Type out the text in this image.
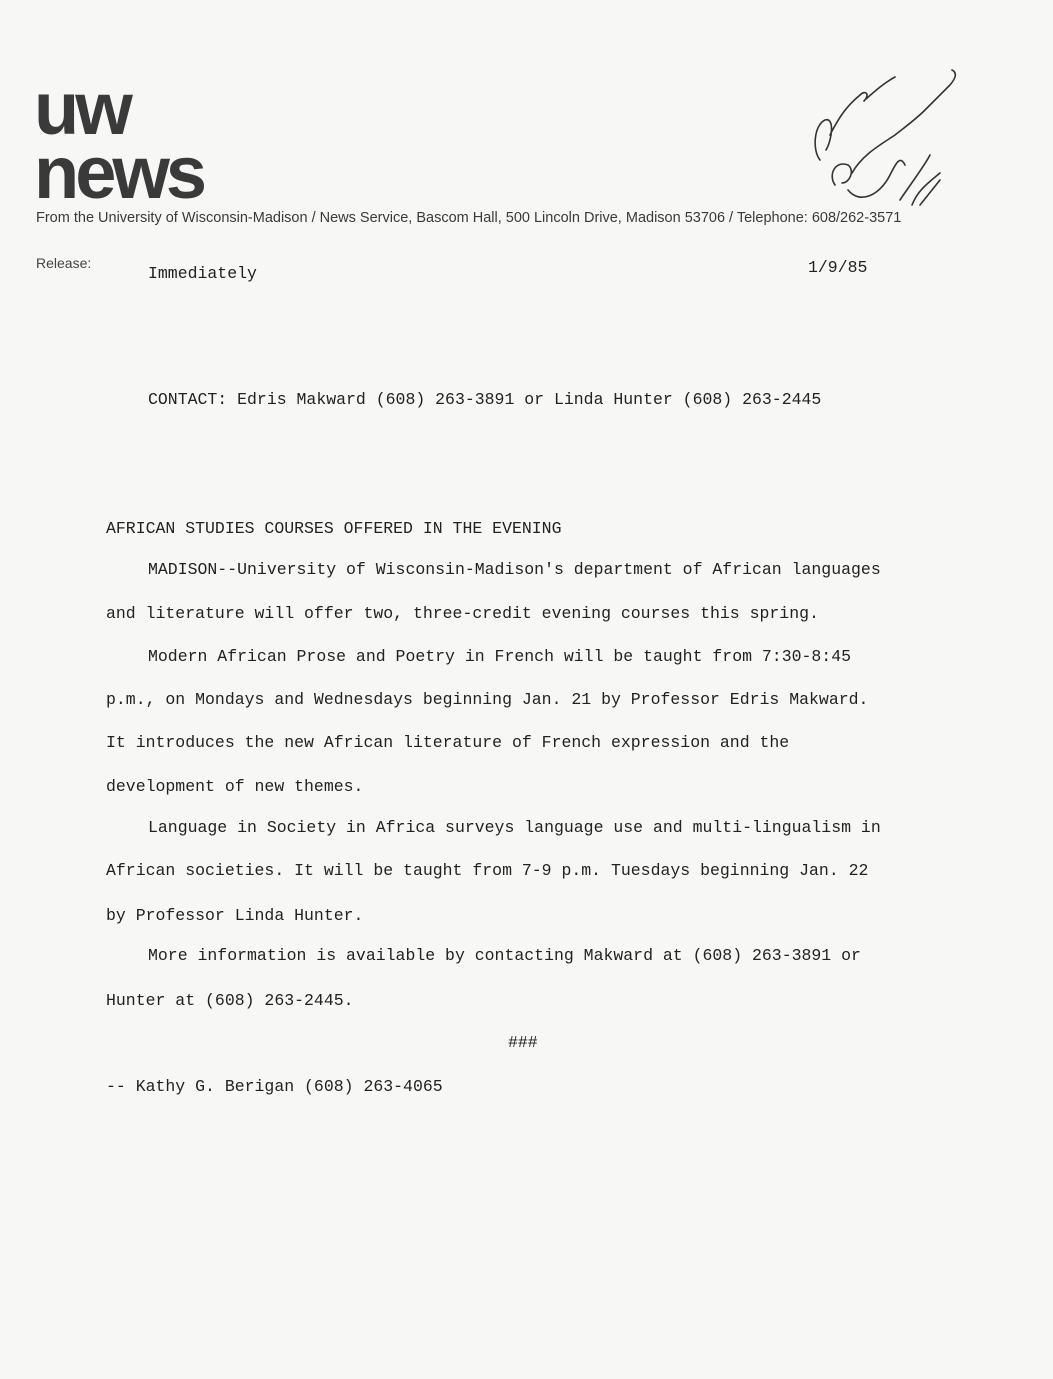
uw
news
From the University of Wisconsin-Madison / News Service, Bascom Hall, 500 Lincoln Drive, Madison 53706 / Telephone: 608/262-3571
Release:
Immediately	1/9/85
CONTACT: Edris Makward (608) 263-3891 or Linda Hunter (608) 263-2445
AFRICAN STUDIES COURSES OFFERED IN THE EVENING
MADISON--University of Wisconsin-Madison's department of African languages
and literature will offer two, three-credit evening courses this spring.
Modern African Prose and Poetry in French will be taught from 7:30-8:45
p.m., on Mondays and Wednesdays beginning Jan. 21 by Professor Edris Makward.
It introduces the new African literature of French expression and the
development of new themes.
Language in Society in Africa surveys language use and multi-lingualism in
African societies. It will be taught from 7-9 p.m. Tuesdays beginning Jan. 22
by Professor Linda Hunter.
More information is available by contacting Makward at (608) 263-3891 or
Hunter at (608) 263-2445.
###
-- Kathy G. Berigan (608) 263-4065
